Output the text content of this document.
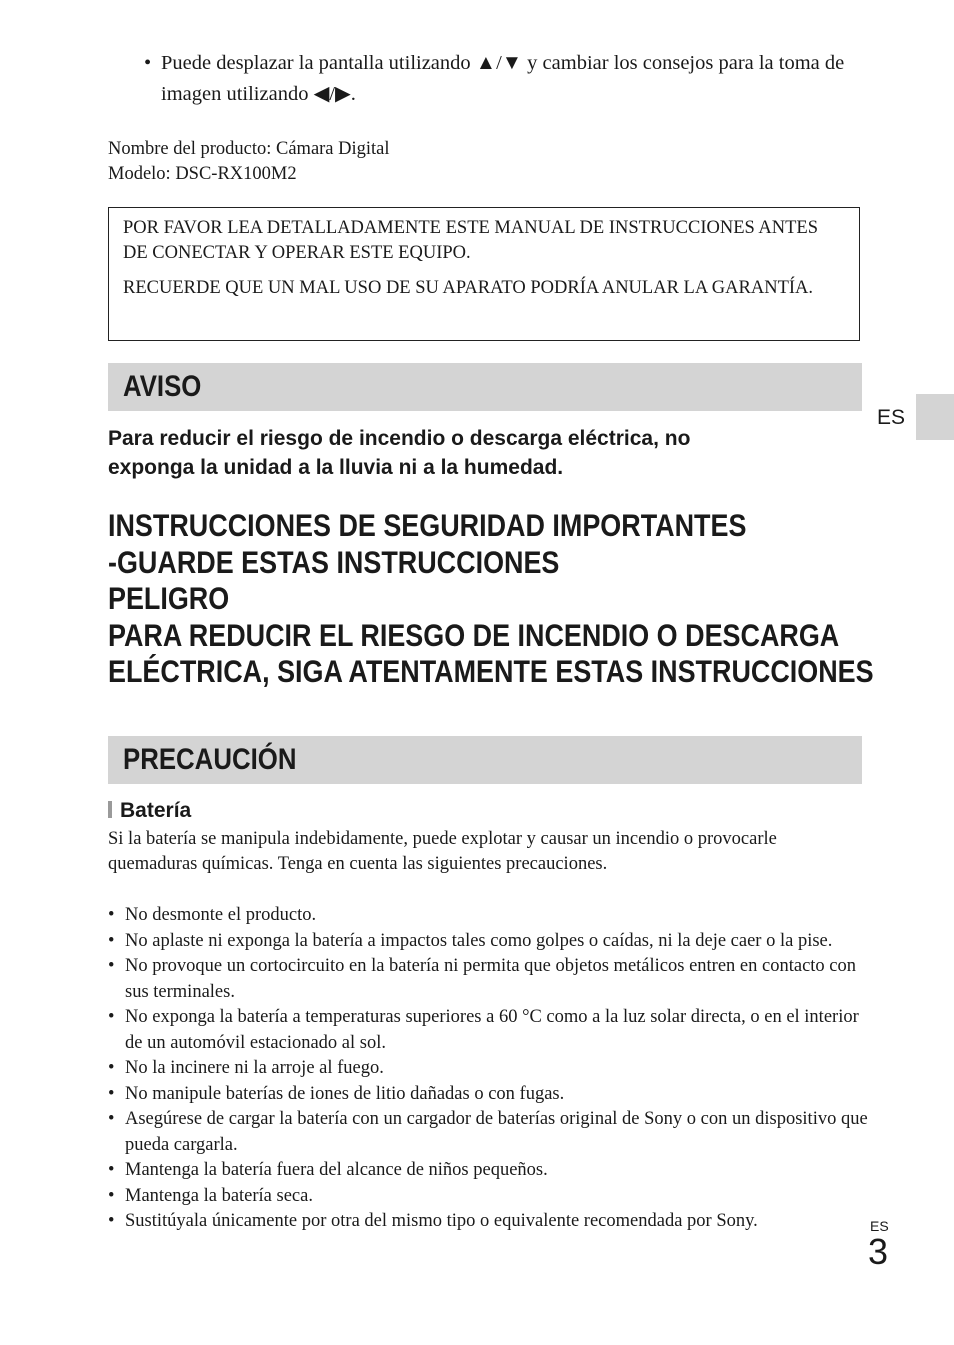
• Puede desplazar la pantalla utilizando ▲/▼ y cambiar los consejos para la toma de imagen utilizando ◀/▶.
Nombre del producto: Cámara Digital
Modelo: DSC-RX100M2

POR FAVOR LEA DETALLADAMENTE ESTE MANUAL DE INSTRUCCIONES ANTES DE CONECTAR Y OPERAR ESTE EQUIPO.

RECUERDE QUE UN MAL USO DE SU APARATO PODRÍA ANULAR LA GARANTÍA.

AVISO
ES
Para reducir el riesgo de incendio o descarga eléctrica, no
exponga la unidad a la lluvia ni a la humedad.
INSTRUCCIONES DE SEGURIDAD IMPORTANTES
-GUARDE ESTAS INSTRUCCIONES
PELIGRO
PARA REDUCIR EL RIESGO DE INCENDIO O DESCARGA
ELÉCTRICA, SIGA ATENTAMENTE ESTAS INSTRUCCIONES
PRECAUCIÓN
Batería
Si la batería se manipula indebidamente, puede explotar y causar un incendio o provocarle quemaduras químicas. Tenga en cuenta las siguientes precauciones.
• No desmonte el producto.
• No aplaste ni exponga la batería a impactos tales como golpes o caídas, ni la deje caer o la pise.
• No provoque un cortocircuito en la batería ni permita que objetos metálicos entren en contacto con sus terminales.
• No exponga la batería a temperaturas superiores a 60 °C como a la luz solar directa, o en el interior de un automóvil estacionado al sol.
• No la incinere ni la arroje al fuego.
• No manipule baterías de iones de litio dañadas o con fugas.
• Asegúrese de cargar la batería con un cargador de baterías original de Sony o con un dispositivo que pueda cargarla.
• Mantenga la batería fuera del alcance de niños pequeños.
• Mantenga la batería seca.
• Sustitúyala únicamente por otra del mismo tipo o equivalente recomendada por Sony.	ES
3
